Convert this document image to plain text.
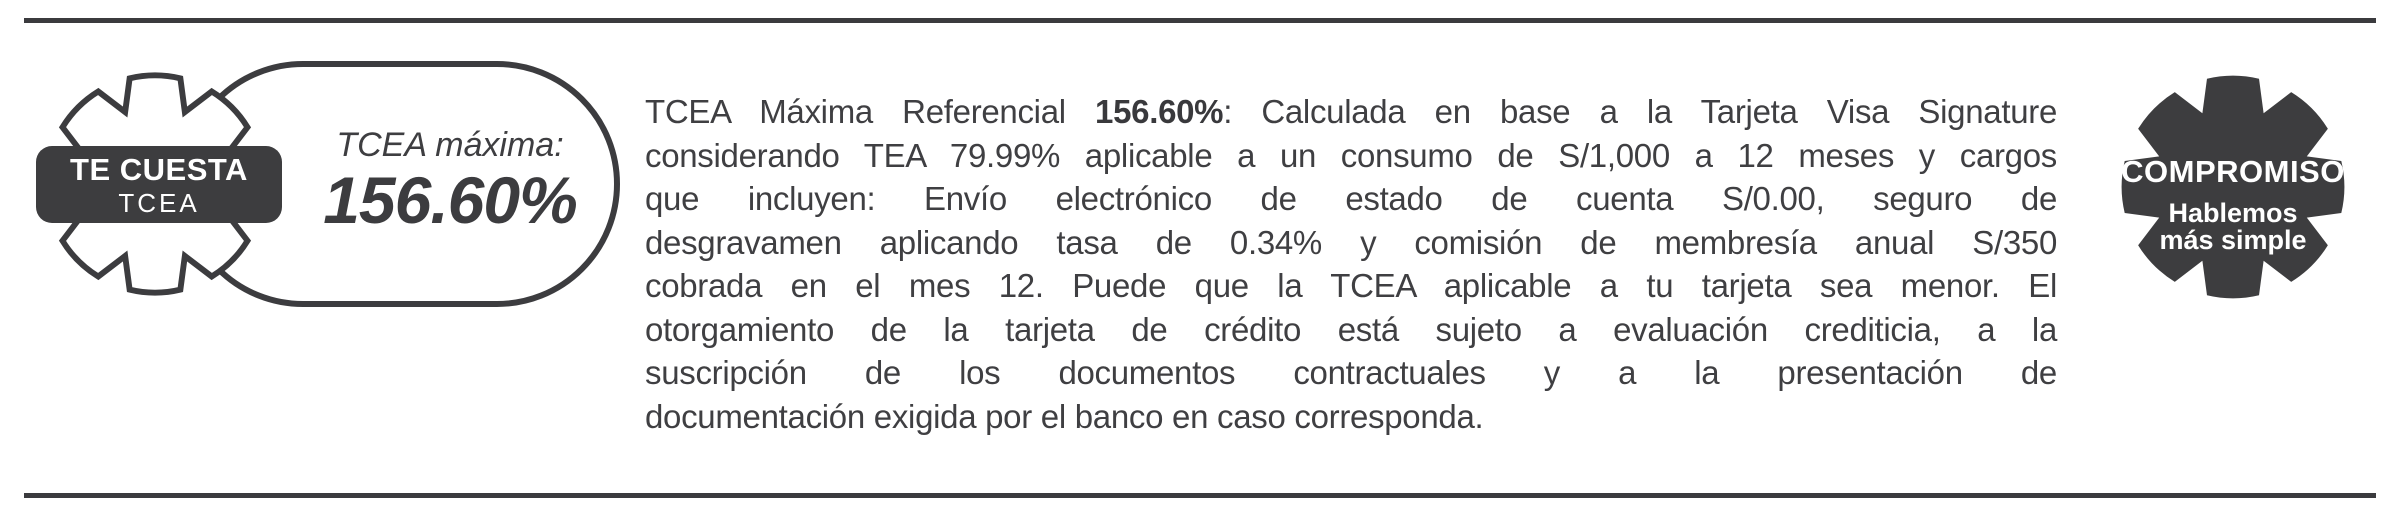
TE CUESTA
TCEA
TCEA máxima:
156.60%
TCEA Máxima Referencial 156.60%: Calculada en base a la Tarjeta Visa Signature
considerando TEA 79.99% aplicable a un consumo de S/1,000 a 12 meses y cargos
que incluyen: Envío electrónico de estado de cuenta S/0.00, seguro de
desgravamen aplicando tasa de 0.34% y comisión de membresía anual S/350
cobrada en el mes 12. Puede que la TCEA aplicable a tu tarjeta sea menor. El
otorgamiento de la tarjeta de crédito está sujeto a evaluación crediticia, a la
suscripción de los documentos contractuales y a la presentación de
documentación exigida por el banco en caso corresponda.
COMPROMISO
Hablemos
más simple
